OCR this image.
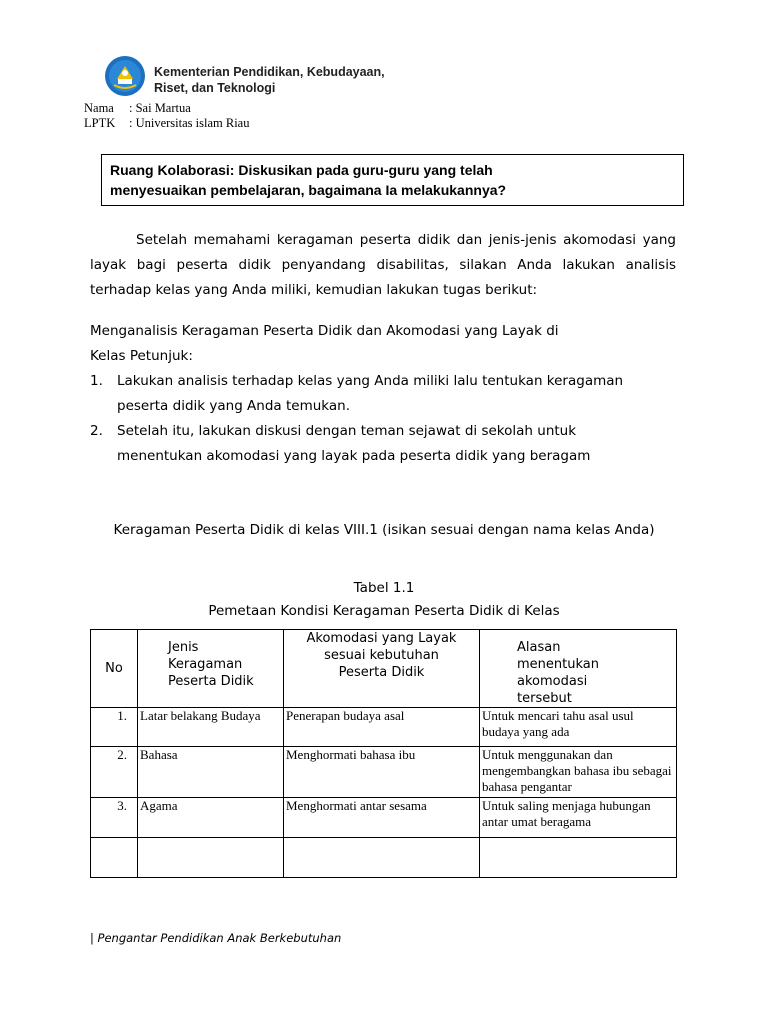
Kementerian Pendidikan, Kebudayaan,
Riset, dan Teknologi
Nama : Sai Martua
LPTK : Universitas islam Riau
Ruang Kolaborasi: Diskusikan pada guru-guru yang telah
menyesuaikan pembelajaran, bagaimana Ia melakukannya?
Setelah memahami keragaman peserta didik dan jenis-jenis akomodasi yang
layak bagi peserta didik penyandang disabilitas, silakan Anda lakukan analisis
terhadap kelas yang Anda miliki, kemudian lakukan tugas berikut:
Menganalisis Keragaman Peserta Didik dan Akomodasi yang Layak di
Kelas Petunjuk:
1.	Lakukan analisis terhadap kelas yang Anda miliki lalu tentukan keragaman peserta didik yang Anda temukan.
2.	Setelah itu, lakukan diskusi dengan teman sejawat di sekolah untuk menentukan akomodasi yang layak pada peserta didik yang beragam
Keragaman Peserta Didik di kelas VIII.1 (isikan sesuai dengan nama kelas Anda)
Tabel 1.1
Pemetaan Kondisi Keragaman Peserta Didik di Kelas
No	Jenis Keragaman Peserta Didik	Akomodasi yang Layak sesuai kebutuhan Peserta Didik	Alasan menentukan akomodasi tersebut
1.	Latar belakang Budaya	Penerapan budaya asal	Untuk mencari tahu asal usul budaya yang ada
2.	Bahasa	Menghormati bahasa ibu	Untuk menggunakan dan mengembangkan bahasa ibu sebagai bahasa pengantar
3.	Agama	Menghormati antar sesama	Untuk saling menjaga hubungan antar umat beragama

| Pengantar Pendidikan Anak Berkebutuhan
